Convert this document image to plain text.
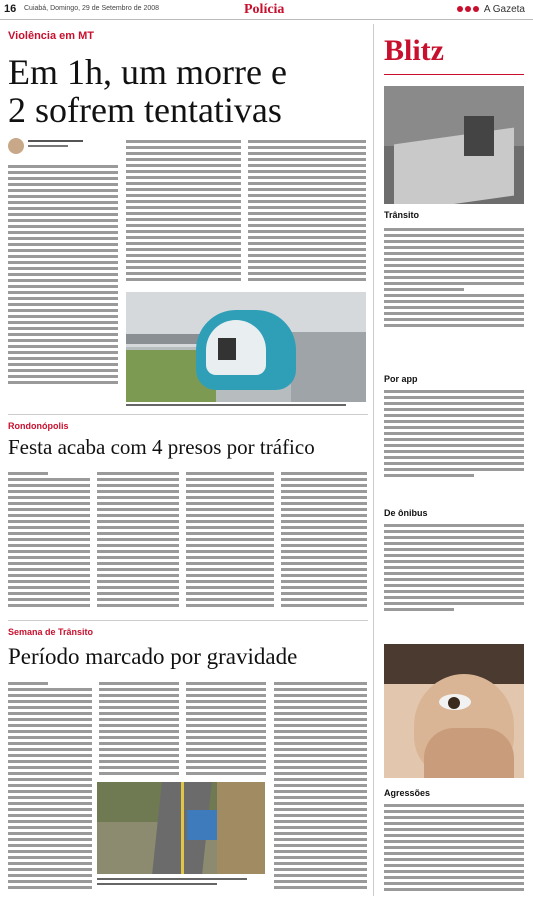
16 Cuiabá, Domingo, 29 de Setembro de 2008	Polícia	A Gazeta
Violência em MT
Em 1h, um morre e
2 sofrem tentativas
Rondonópolis
Festa acaba com 4 presos por tráfico
Semana de Trânsito
Período marcado por gravidade
Blitz
Trânsito
Por app
De ônibus
Agressões
